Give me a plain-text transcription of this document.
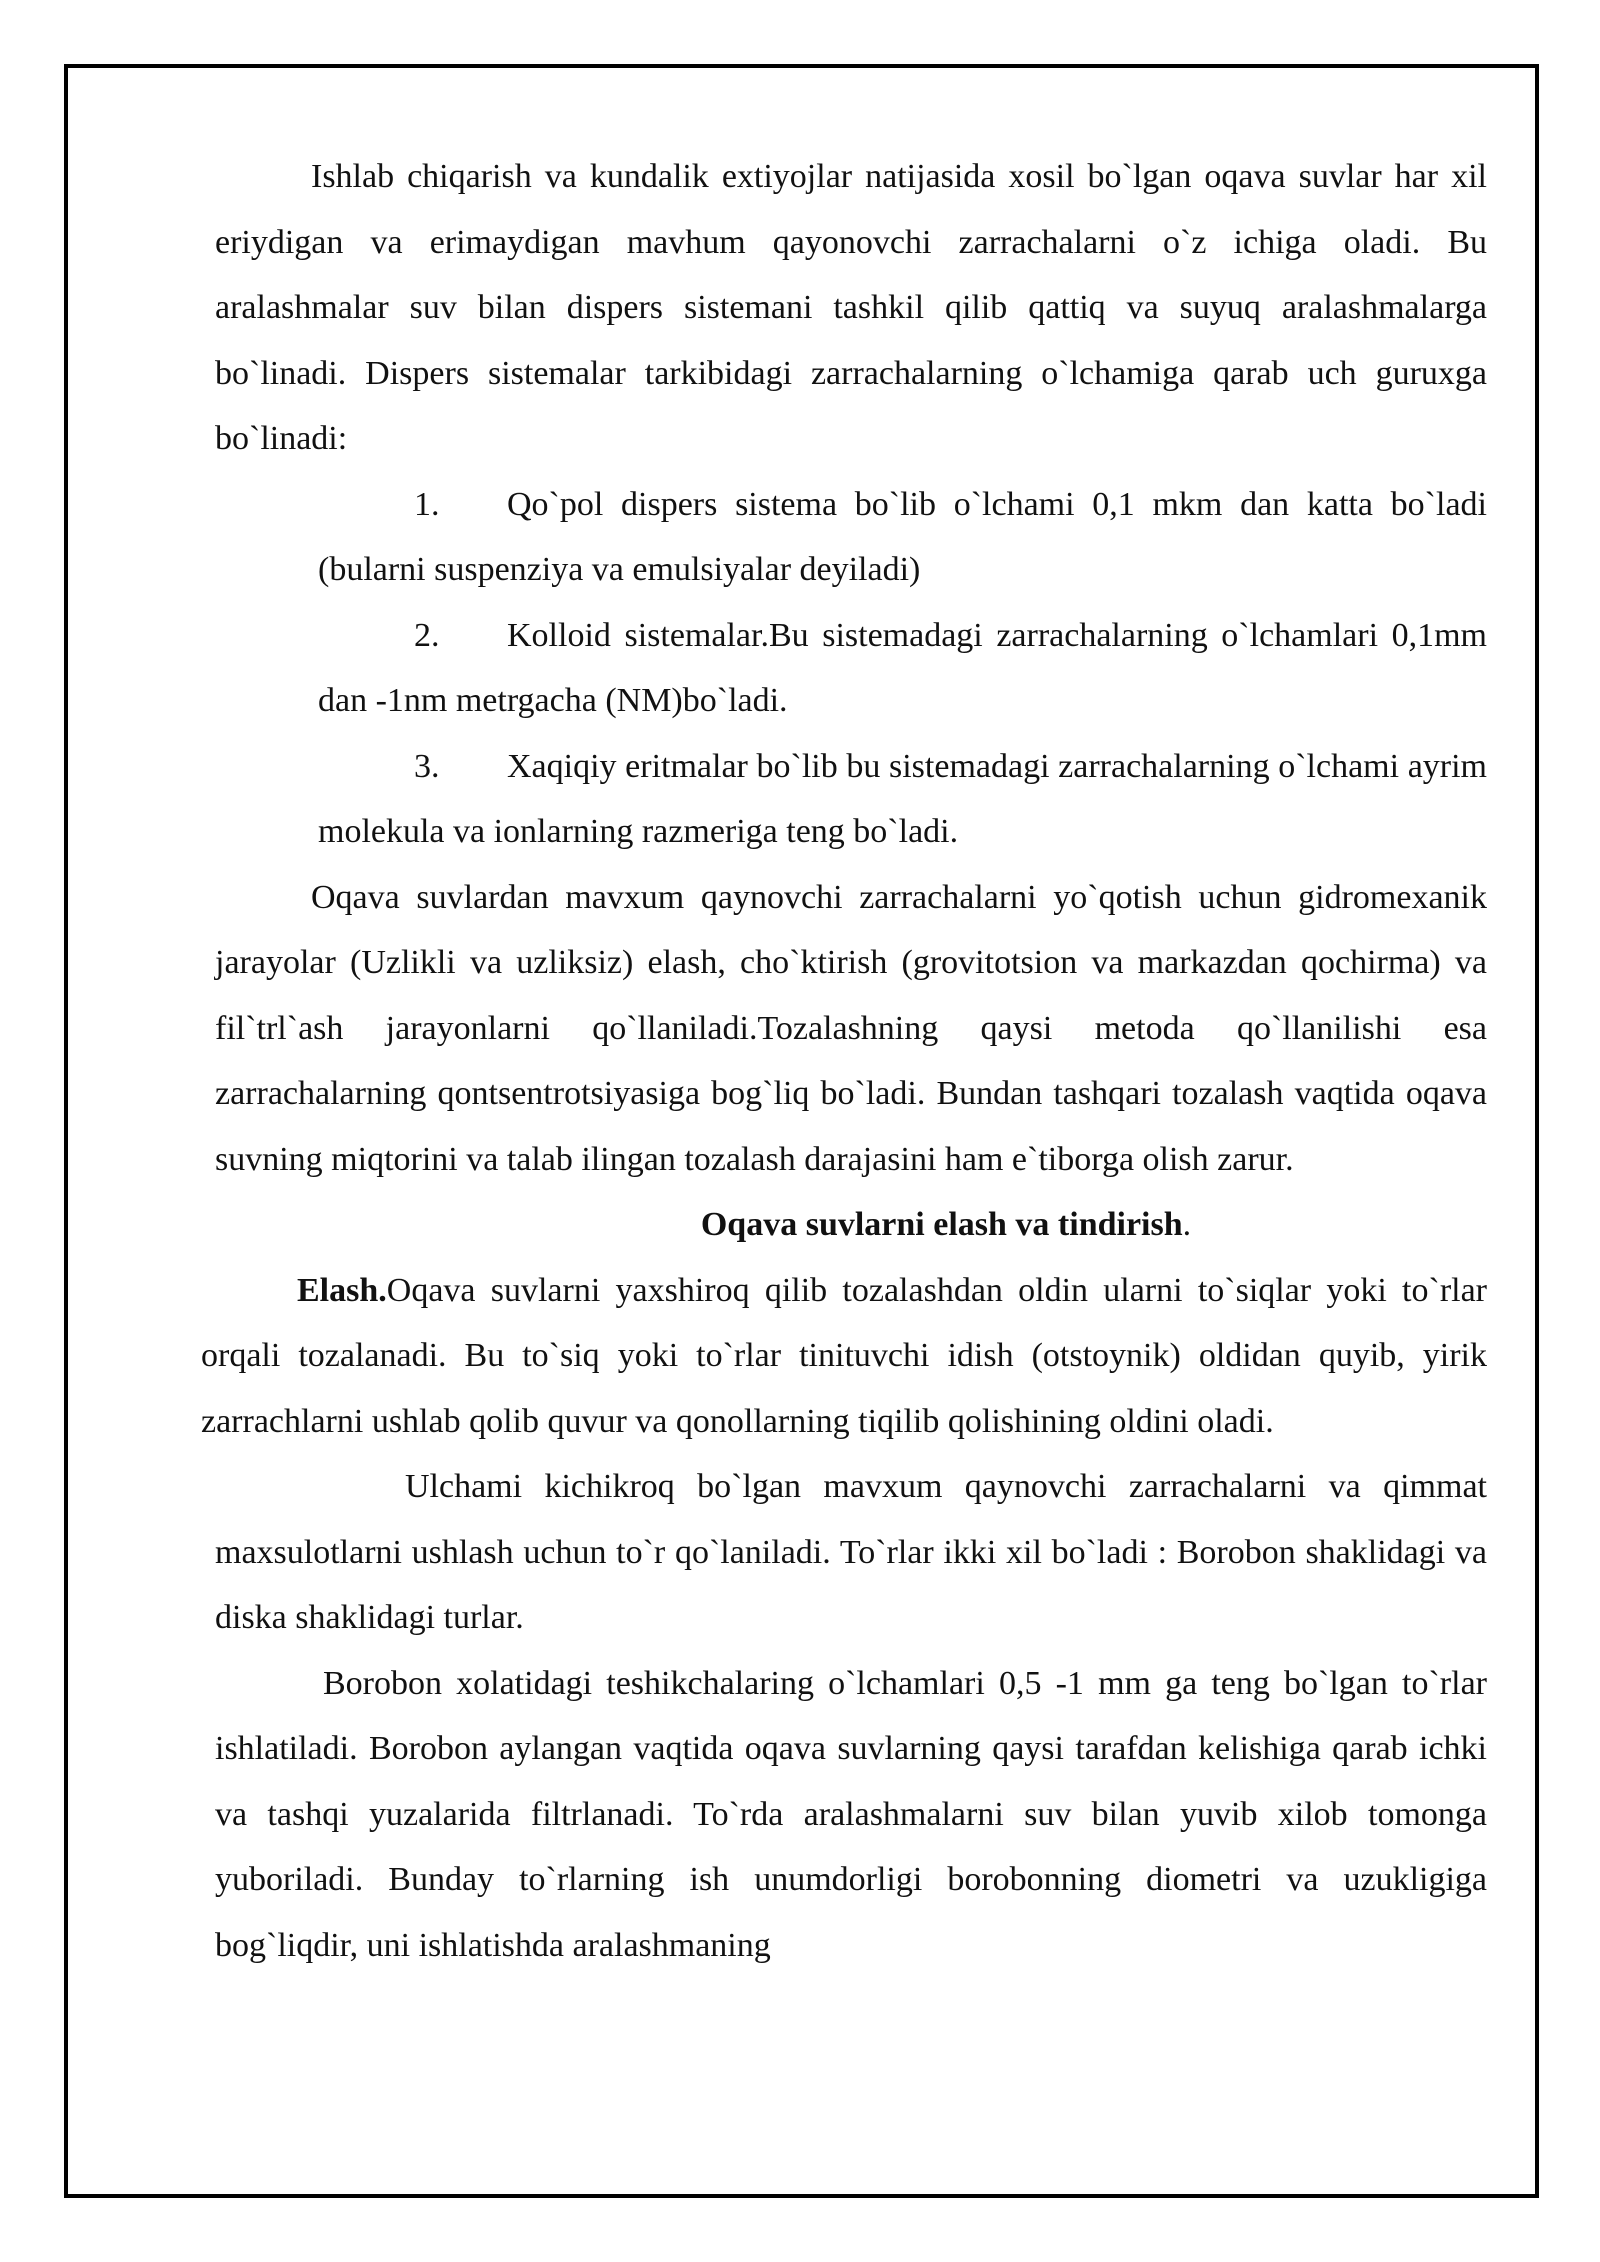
Ishlab chiqarish va kundalik extiyojlar natijasida xosil bo`lgan oqava suvlar har xil eriydigan va erimaydigan mavhum qayonovchi zarrachalarni o`z ichiga oladi. Bu aralashmalar suv bilan dispers sistemani tashkil qilib qattiq va suyuq aralashmalarga bo`linadi. Dispers sistemalar tarkibidagi zarrachalarning o`lchamiga qarab uch guruxga bo`linadi:

1. Qo`pol dispers sistema bo`lib o`lchami 0,1 mkm dan katta bo`ladi (bularni suspenziya va emulsiyalar deyiladi)
2. Kolloid sistemalar.Bu sistemadagi zarrachalarning o`lchamlari 0,1mm dan -1nm metrgacha (NM)bo`ladi.
3. Xaqiqiy eritmalar bo`lib bu sistemadagi zarrachalarning o`lchami ayrim molekula va ionlarning razmeriga teng bo`ladi.

Oqava suvlardan mavxum qaynovchi zarrachalarni yo`qotish uchun gidromexanik jarayolar (Uzlikli va uzliksiz) elash, cho`ktirish (grovitotsion va markazdan qochirma) va fil`trl`ash jarayonlarni qo`llaniladi.Tozalashning qaysi metoda qo`llanilishi esa zarrachalarning qontsentrotsiyasiga bog`liq bo`ladi. Bundan tashqari tozalash vaqtida oqava suvning miqtorini va talab ilingan tozalash darajasini ham e`tiborga olish zarur.

Oqava suvlarni elash va tindirish.

Elash.Oqava suvlarni yaxshiroq qilib tozalashdan oldin ularni to`siqlar yoki to`rlar orqali tozalanadi. Bu to`siq yoki to`rlar tinituvchi idish (otstoynik) oldidan quyib, yirik zarrachlarni ushlab qolib quvur va qonollarning tiqilib qolishining oldini oladi.

Ulchami kichikroq bo`lgan mavxum qaynovchi zarrachalarni va qimmat maxsulotlarni ushlash uchun to`r qo`laniladi. To`rlar ikki xil bo`ladi : Borobon shaklidagi va diska shaklidagi turlar.

Borobon xolatidagi teshikchalaring o`lchamlari 0,5 -1 mm ga teng bo`lgan to`rlar ishlatiladi. Borobon aylangan vaqtida oqava suvlarning qaysi tarafdan kelishiga qarab ichki va tashqi yuzalarida filtrlanadi. To`rda aralashmalarni suv bilan yuvib xilob tomonga yuboriladi. Bunday to`rlarning ish unumdorligi borobonning diometri va uzukligiga bog`liqdir, uni ishlatishda aralashmaning
